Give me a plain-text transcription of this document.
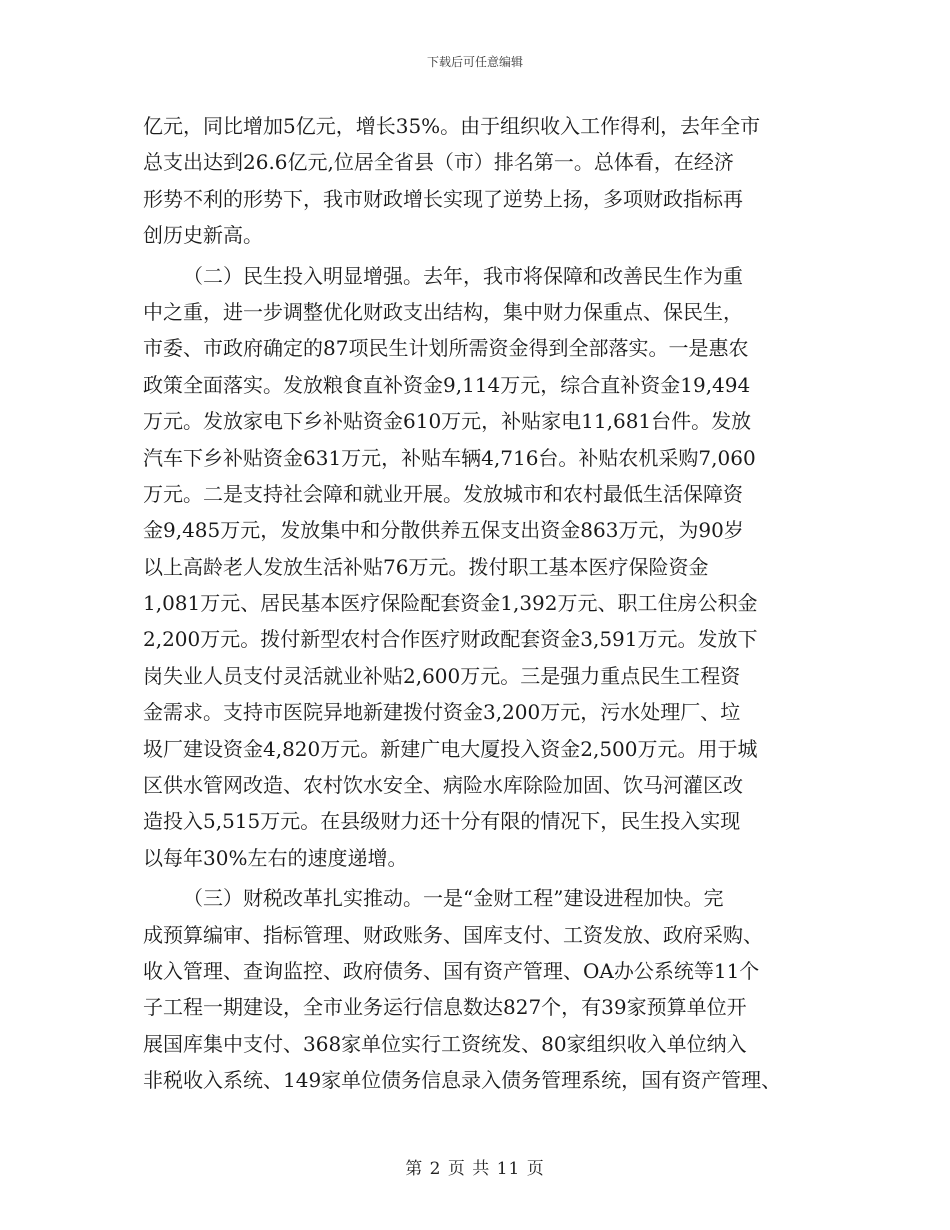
下载后可任意编辑
亿元，同比增加5亿元，增长35%。由于组织收入工作得利，去年全市
总支出达到26.6亿元,位居全省县（市）排名第一。总体看，在经济
形势不利的形势下，我市财政增长实现了逆势上扬，多项财政指标再
创历史新高。
（二）民生投入明显增强。去年，我市将保障和改善民生作为重
中之重，进一步调整优化财政支出结构，集中财力保重点、保民生，
市委、市政府确定的87项民生计划所需资金得到全部落实。一是惠农
政策全面落实。发放粮食直补资金9,114万元，综合直补资金19,494
万元。发放家电下乡补贴资金610万元，补贴家电11,681台件。发放
汽车下乡补贴资金631万元，补贴车辆4,716台。补贴农机采购7,060
万元。二是支持社会障和就业开展。发放城市和农村最低生活保障资
金9,485万元，发放集中和分散供养五保支出资金863万元，为90岁
以上高龄老人发放生活补贴76万元。拨付职工基本医疗保险资金
1,081万元、居民基本医疗保险配套资金1,392万元、职工住房公积金
2,200万元。拨付新型农村合作医疗财政配套资金3,591万元。发放下
岗失业人员支付灵活就业补贴2,600万元。三是强力重点民生工程资
金需求。支持市医院异地新建拨付资金3,200万元，污水处理厂、垃
圾厂建设资金4,820万元。新建广电大厦投入资金2,500万元。用于城
区供水管网改造、农村饮水安全、病险水库除险加固、饮马河灌区改
造投入5,515万元。在县级财力还十分有限的情况下，民生投入实现
以每年30%左右的速度递增。
（三）财税改革扎实推动。一是“金财工程”建设进程加快。完
成预算编审、指标管理、财政账务、国库支付、工资发放、政府采购、
收入管理、查询监控、政府债务、国有资产管理、OA办公系统等11个
子工程一期建设，全市业务运行信息数达827个，有39家预算单位开
展国库集中支付、368家单位实行工资统发、80家组织收入单位纳入
非税收入系统、149家单位债务信息录入债务管理系统，国有资产管理、
第 2 页 共 11 页
